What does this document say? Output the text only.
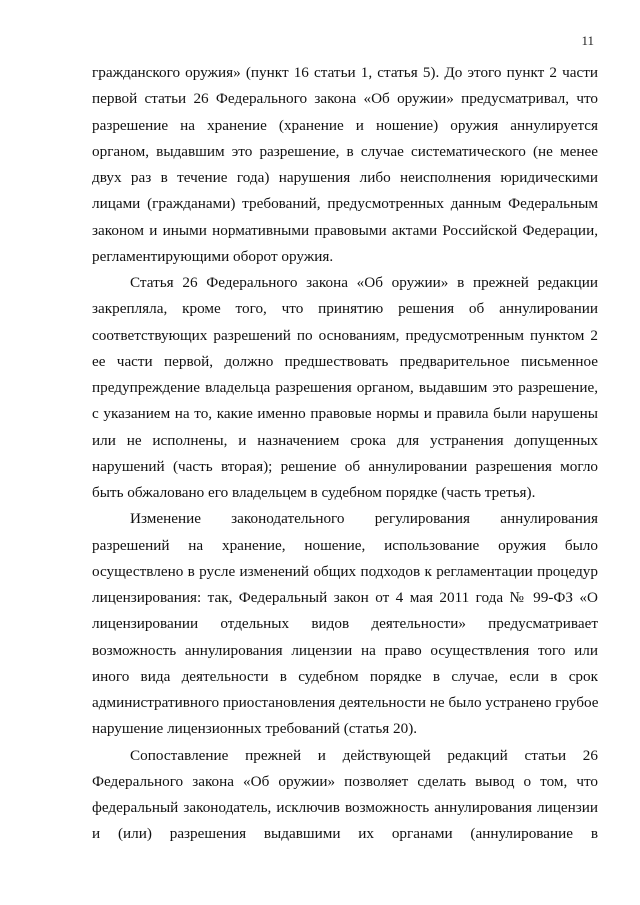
11
гражданского оружия» (пункт 16 статьи 1, статья 5). До этого пункт 2 части
первой статьи 26 Федерального закона «Об оружии» предусматривал, что
разрешение на хранение (хранение и ношение) оружия аннулируется
органом, выдавшим это разрешение, в случае систематического (не менее
двух раз в течение года) нарушения либо неисполнения юридическими
лицами (гражданами) требований, предусмотренных данным Федеральным
законом и иными нормативными правовыми актами Российской Федерации,
регламентирующими оборот оружия.
Статья 26 Федерального закона «Об оружии» в прежней редакции
закрепляла, кроме того, что принятию решения об аннулировании
соответствующих разрешений по основаниям, предусмотренным пунктом 2
ее части первой, должно предшествовать предварительное письменное
предупреждение владельца разрешения органом, выдавшим это разрешение,
с указанием на то, какие именно правовые нормы и правила были нарушены
или не исполнены, и назначением срока для устранения допущенных
нарушений (часть вторая); решение об аннулировании разрешения могло
быть обжаловано его владельцем в судебном порядке (часть третья).
Изменение законодательного регулирования аннулирования
разрешений на хранение, ношение, использование оружия было
осуществлено в русле изменений общих подходов к регламентации процедур
лицензирования: так, Федеральный закон от 4 мая 2011 года № 99-ФЗ «О
лицензировании отдельных видов деятельности» предусматривает
возможность аннулирования лицензии на право осуществления того или
иного вида деятельности в судебном порядке в случае, если в срок
административного приостановления деятельности не было устранено грубое
нарушение лицензионных требований (статья 20).
Сопоставление прежней и действующей редакций статьи 26
Федерального закона «Об оружии» позволяет сделать вывод о том, что
федеральный законодатель, исключив возможность аннулирования лицензии
и (или) разрешения выдавшими их органами (аннулирование в
